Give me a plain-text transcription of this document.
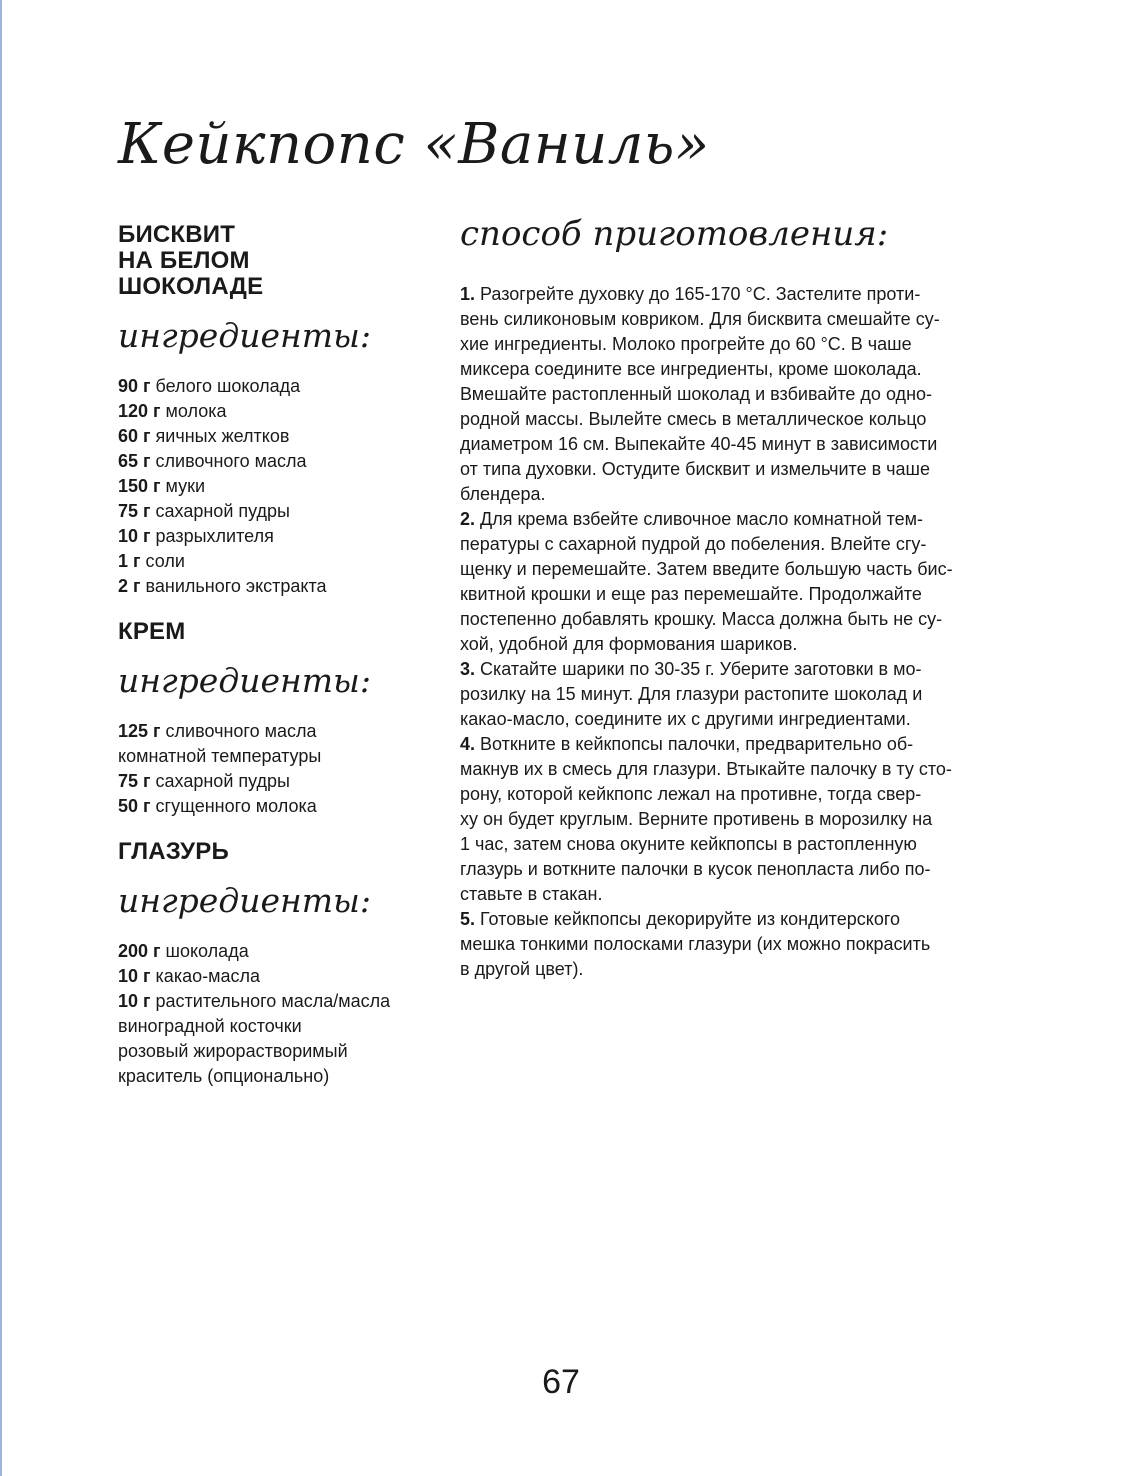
Кейкпопс «Ваниль»
БИСКВИТ
НА БЕЛОМ
ШОКОЛАДЕ
ингредиенты:
90 г белого шоколада
120 г молока
60 г яичных желтков
65 г сливочного масла
150 г муки
75 г сахарной пудры
10 г разрыхлителя
1 г соли
2 г ванильного экстракта
КРЕМ
ингредиенты:
125 г сливочного масла
комнатной температуры
75 г сахарной пудры
50 г сгущенного молока
ГЛАЗУРЬ
ингредиенты:
200 г шоколада
10 г какао-масла
10 г растительного масла/масла
виноградной косточки
розовый жирорастворимый
краситель (опционально)
способ приготовления:

1. Разогрейте духовку до 165-170 °С. Застелите проти-
вень силиконовым ковриком. Для бисквита смешайте су-
хие ингредиенты. Молоко прогрейте до 60 °С. В чаше
миксера соедините все ингредиенты, кроме шоколада.
Вмешайте растопленный шоколад и взбивайте до одно-
родной массы. Вылейте смесь в металлическое кольцо
диаметром 16 см. Выпекайте 40-45 минут в зависимости
от типа духовки. Остудите бисквит и измельчите в чаше
блендера.

2. Для крема взбейте сливочное масло комнатной тем-
пературы с сахарной пудрой до побеления. Влейте сгу-
щенку и перемешайте. Затем введите большую часть бис-
квитной крошки и еще раз перемешайте. Продолжайте
постепенно добавлять крошку. Масса должна быть не су-
хой, удобной для формования шариков.

3. Скатайте шарики по 30-35 г. Уберите заготовки в мо-
розилку на 15 минут. Для глазури растопите шоколад и
какао-масло, соедините их с другими ингредиентами.

4. Воткните в кейкпопсы палочки, предварительно об-
макнув их в смесь для глазури. Втыкайте палочку в ту сто-
рону, которой кейкпопс лежал на противне, тогда свер-
ху он будет круглым. Верните противень в морозилку на
1 час, затем снова окуните кейкпопсы в растопленную
глазурь и воткните палочки в кусок пенопласта либо по-
ставьте в стакан.

5. Готовые кейкпопсы декорируйте из кондитерского
мешка тонкими полосками глазури (их можно покрасить
в другой цвет).

67
